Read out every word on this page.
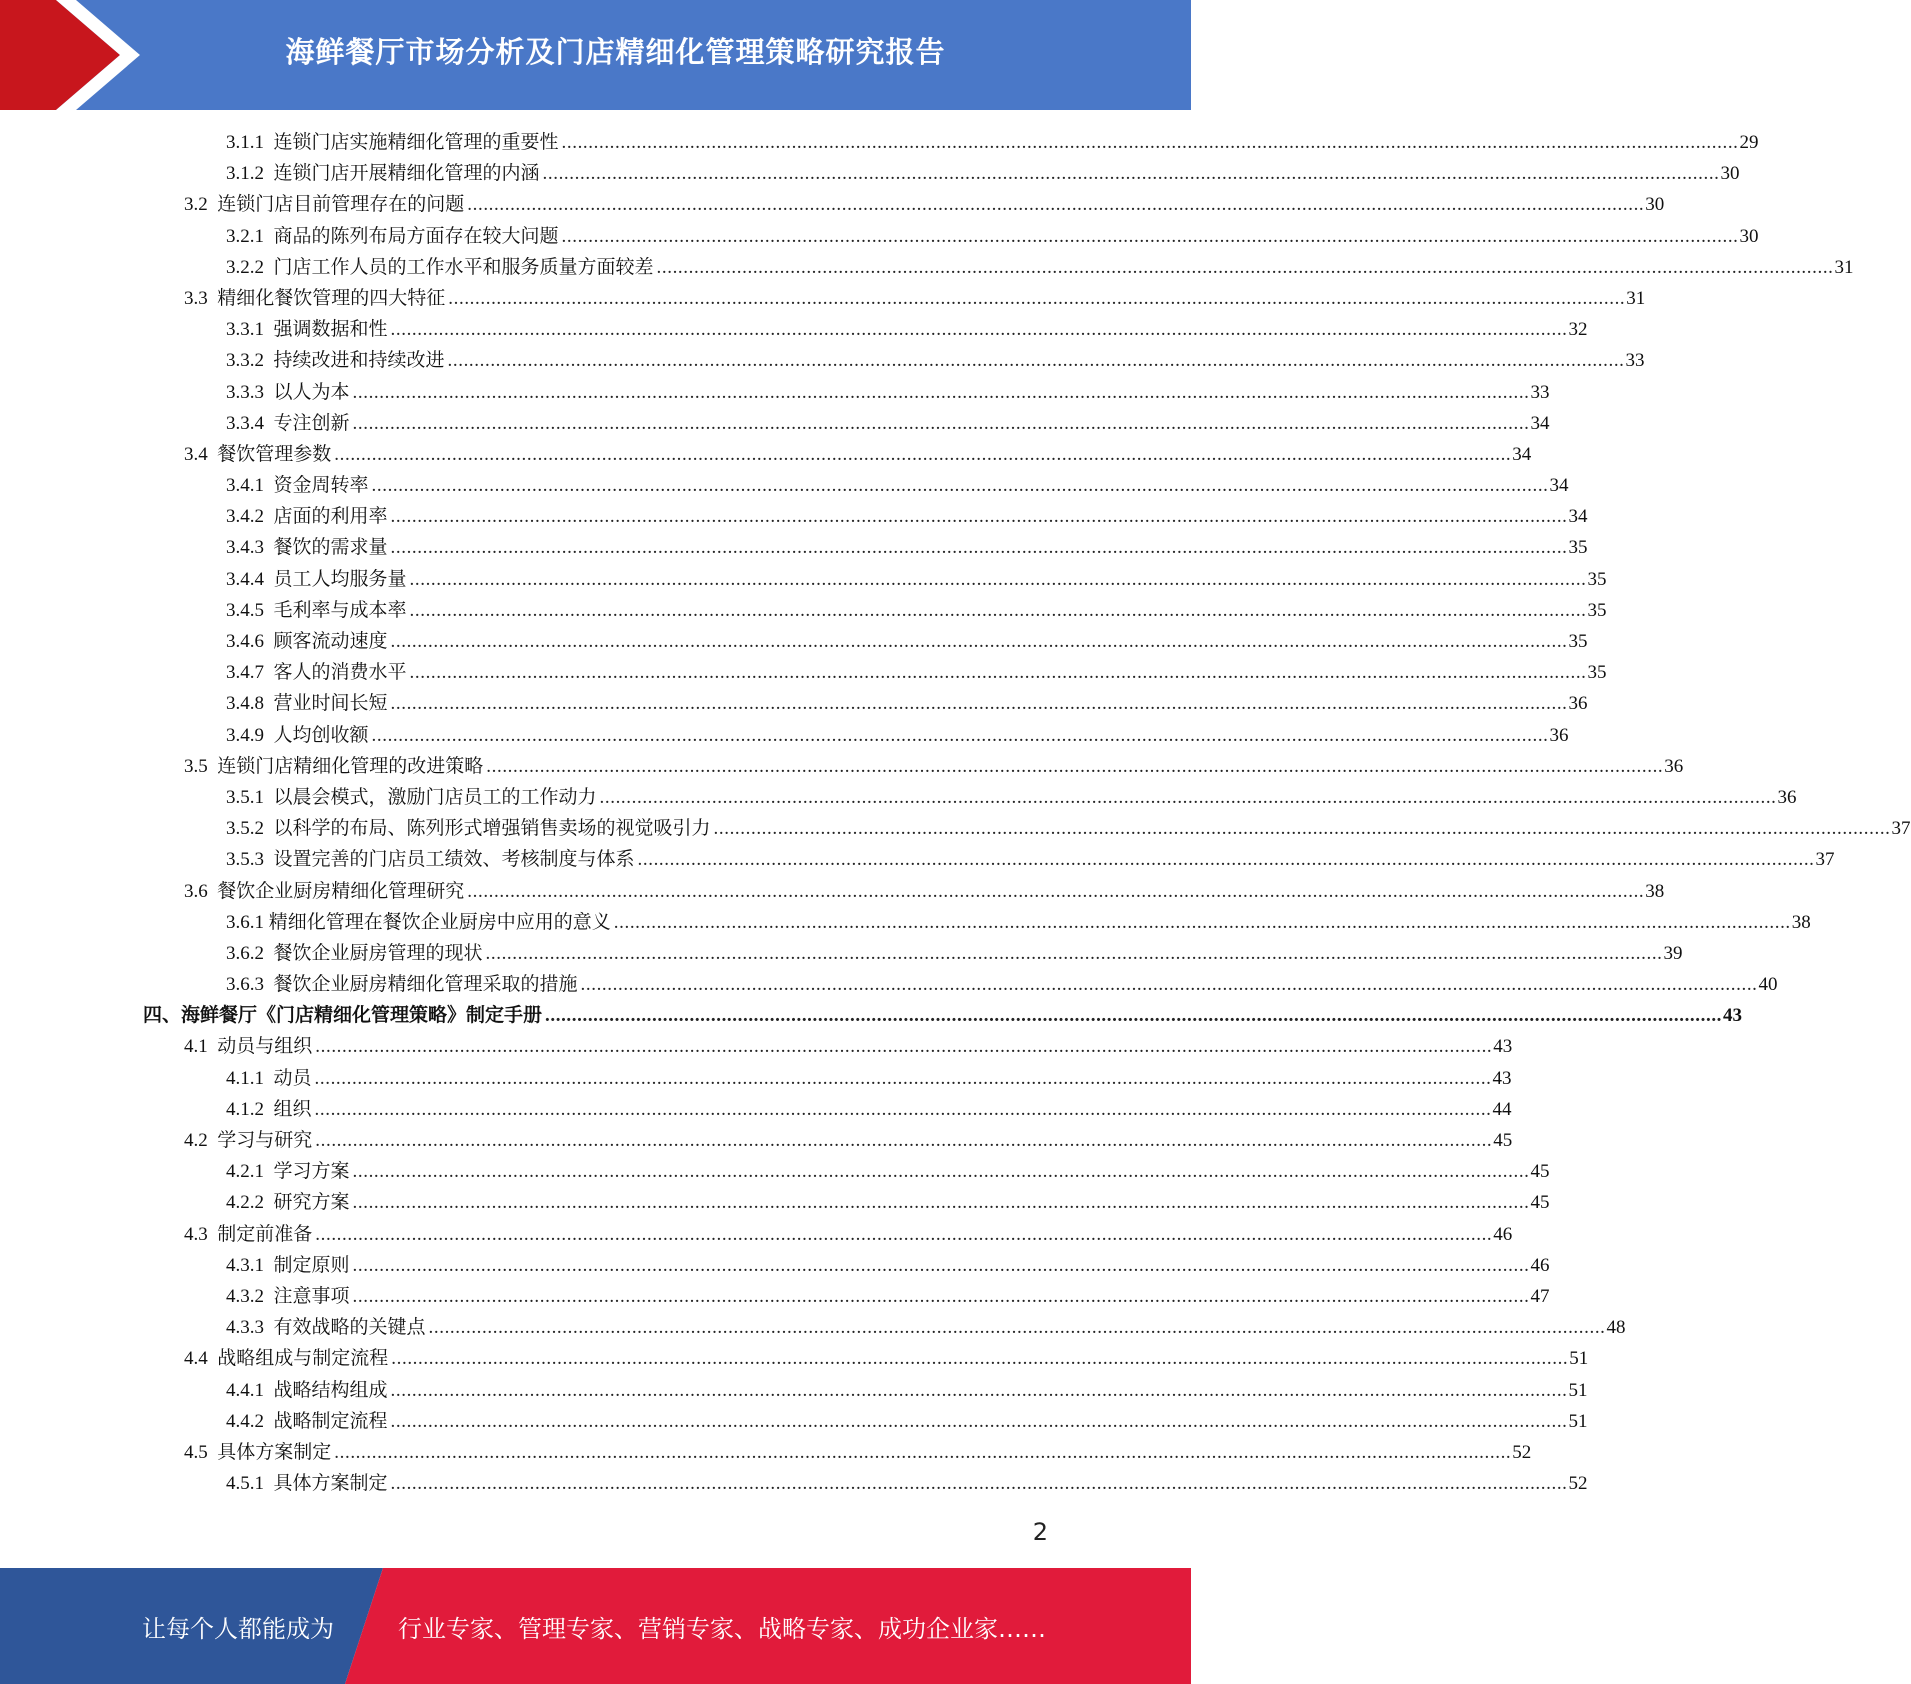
海鲜餐厅市场分析及门店精细化管理策略研究报告
3.1.1
连锁门店实施精细化管理的重要性 ............................................................................................................................................................................................................................ 29
3.1.2
连锁门店开展精细化管理的内涵 ............................................................................................................................................................................................................................ 30
3.2
连锁门店目前管理存在的问题 ............................................................................................................................................................................................................................ 30
3.2.1
商品的陈列布局方面存在较大问题 ............................................................................................................................................................................................................................ 30
3.2.2
门店工作人员的工作水平和服务质量方面较差 ............................................................................................................................................................................................................................ 31
3.3
精细化餐饮管理的四大特征 ............................................................................................................................................................................................................................ 31
3.3.1
强调数据和性 ............................................................................................................................................................................................................................ 32
3.3.2
持续改进和持续改进 ............................................................................................................................................................................................................................ 33
3.3.3
以人为本 ............................................................................................................................................................................................................................ 33
3.3.4
专注创新 ............................................................................................................................................................................................................................ 34
3.4
餐饮管理参数 ............................................................................................................................................................................................................................ 34
3.4.1
资金周转率 ............................................................................................................................................................................................................................ 34
3.4.2
店面的利用率 ............................................................................................................................................................................................................................ 34
3.4.3
餐饮的需求量 ............................................................................................................................................................................................................................ 35
3.4.4
员工人均服务量 ............................................................................................................................................................................................................................ 35
3.4.5
毛利率与成本率 ............................................................................................................................................................................................................................ 35
3.4.6
顾客流动速度 ............................................................................................................................................................................................................................ 35
3.4.7
客人的消费水平 ............................................................................................................................................................................................................................ 35
3.4.8
营业时间长短 ............................................................................................................................................................................................................................ 36
3.4.9
人均创收额 ............................................................................................................................................................................................................................ 36
3.5
连锁门店精细化管理的改进策略 ............................................................................................................................................................................................................................ 36
3.5.1
以晨会模式，激励门店员工的工作动力 ............................................................................................................................................................................................................................ 36
3.5.2
以科学的布局、陈列形式增强销售卖场的视觉吸引力 ............................................................................................................................................................................................................................ 37
3.5.3
设置完善的门店员工绩效、考核制度与体系 ............................................................................................................................................................................................................................ 37
3.6
餐饮企业厨房精细化管理研究 ............................................................................................................................................................................................................................ 38
3.6.1
精细化管理在餐饮企业厨房中应用的意义 ............................................................................................................................................................................................................................ 38
3.6.2
餐饮企业厨房管理的现状 ............................................................................................................................................................................................................................ 39
3.6.3
餐饮企业厨房精细化管理采取的措施 ............................................................................................................................................................................................................................ 40
四、 海鲜餐厅《门店精细化管理策略》制定手册 ............................................................................................................................................................................................................................ 43
4.1
动员与组织 ............................................................................................................................................................................................................................ 43
4.1.1
动员 ............................................................................................................................................................................................................................ 43
4.1.2
组织 ............................................................................................................................................................................................................................ 44
4.2
学习与研究 ............................................................................................................................................................................................................................ 45
4.2.1
学习方案 ............................................................................................................................................................................................................................ 45
4.2.2
研究方案 ............................................................................................................................................................................................................................ 45
4.3
制定前准备 ............................................................................................................................................................................................................................ 46
4.3.1
制定原则 ............................................................................................................................................................................................................................ 46
4.3.2
注意事项 ............................................................................................................................................................................................................................ 47
4.3.3
有效战略的关键点 ............................................................................................................................................................................................................................ 48
4.4
战略组成与制定流程 ............................................................................................................................................................................................................................ 51
4.4.1
战略结构组成 ............................................................................................................................................................................................................................ 51
4.4.2
战略制定流程 ............................................................................................................................................................................................................................ 51
4.5
具体方案制定 ............................................................................................................................................................................................................................ 52
4.5.1
具体方案制定 ............................................................................................................................................................................................................................ 52
2
让每个人都能成为	行业专家、管理专家、营销专家、战略专家、成功企业家……
